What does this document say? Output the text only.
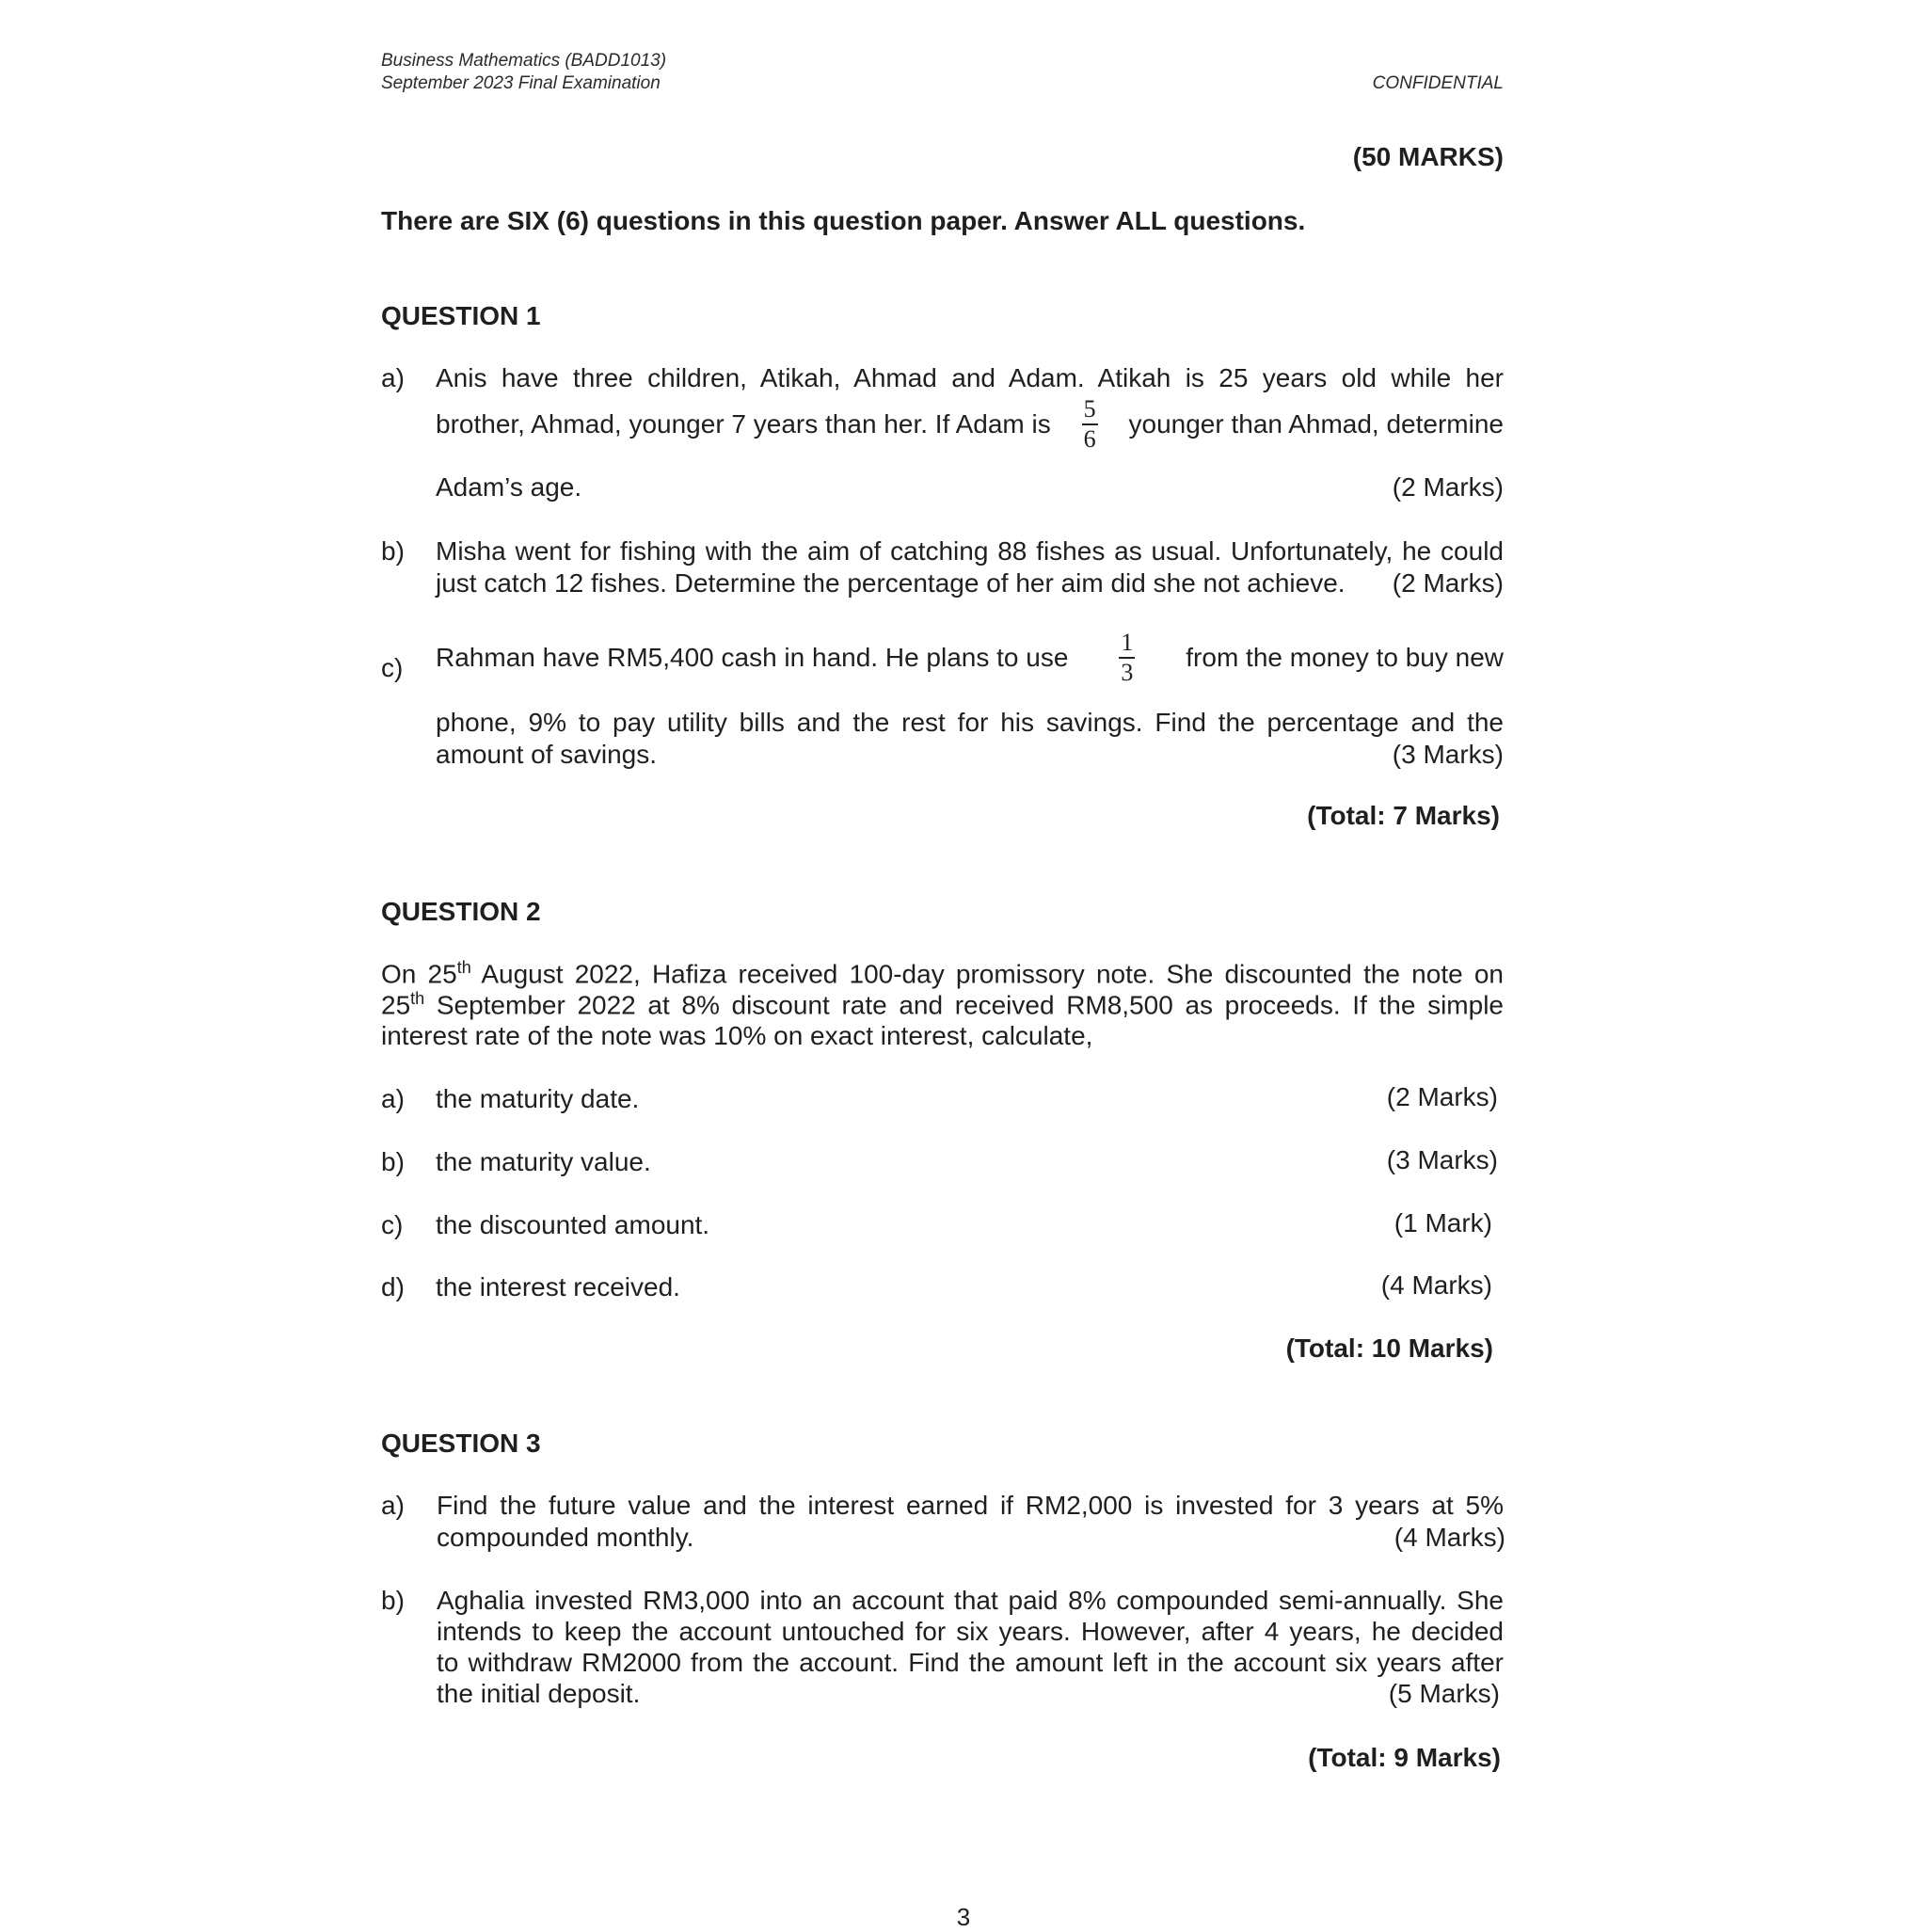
Business Mathematics (BADD1013)
September 2023 Final Examination	CONFIDENTIAL
(50 MARKS)
There are SIX (6) questions in this question paper. Answer ALL questions.
QUESTION 1
a) Anis have three children, Atikah, Ahmad and Adam. Atikah is 25 years old while her
brother, Ahmad, younger 7 years than her. If Adam is $\frac{5}{6}$ younger than Ahmad, determine
Adam’s age.	(2 Marks)
b) Misha went for fishing with the aim of catching 88 fishes as usual. Unfortunately, he could
just catch 12 fishes. Determine the percentage of her aim did she not achieve.	(2 Marks)
c) Rahman have RM5,400 cash in hand. He plans to use $\frac{1}{3}$ from the money to buy new
phone, 9% to pay utility bills and the rest for his savings. Find the percentage and the
amount of savings.	(3 Marks)
(Total: 7 Marks)
QUESTION 2
On 25th August 2022, Hafiza received 100-day promissory note. She discounted the note on
25th September 2022 at 8% discount rate and received RM8,500 as proceeds. If the simple
interest rate of the note was 10% on exact interest, calculate,
a) the maturity date.	(2 Marks)
b) the maturity value.	(3 Marks)
c) the discounted amount.	(1 Mark)
d) the interest received.	(4 Marks)
(Total: 10 Marks)
QUESTION 3
a) Find the future value and the interest earned if RM2,000 is invested for 3 years at 5%
compounded monthly.	(4 Marks)
b) Aghalia invested RM3,000 into an account that paid 8% compounded semi-annually. She
intends to keep the account untouched for six years. However, after 4 years, he decided
to withdraw RM2000 from the account. Find the amount left in the account six years after
the initial deposit.	(5 Marks)
(Total: 9 Marks)
3
